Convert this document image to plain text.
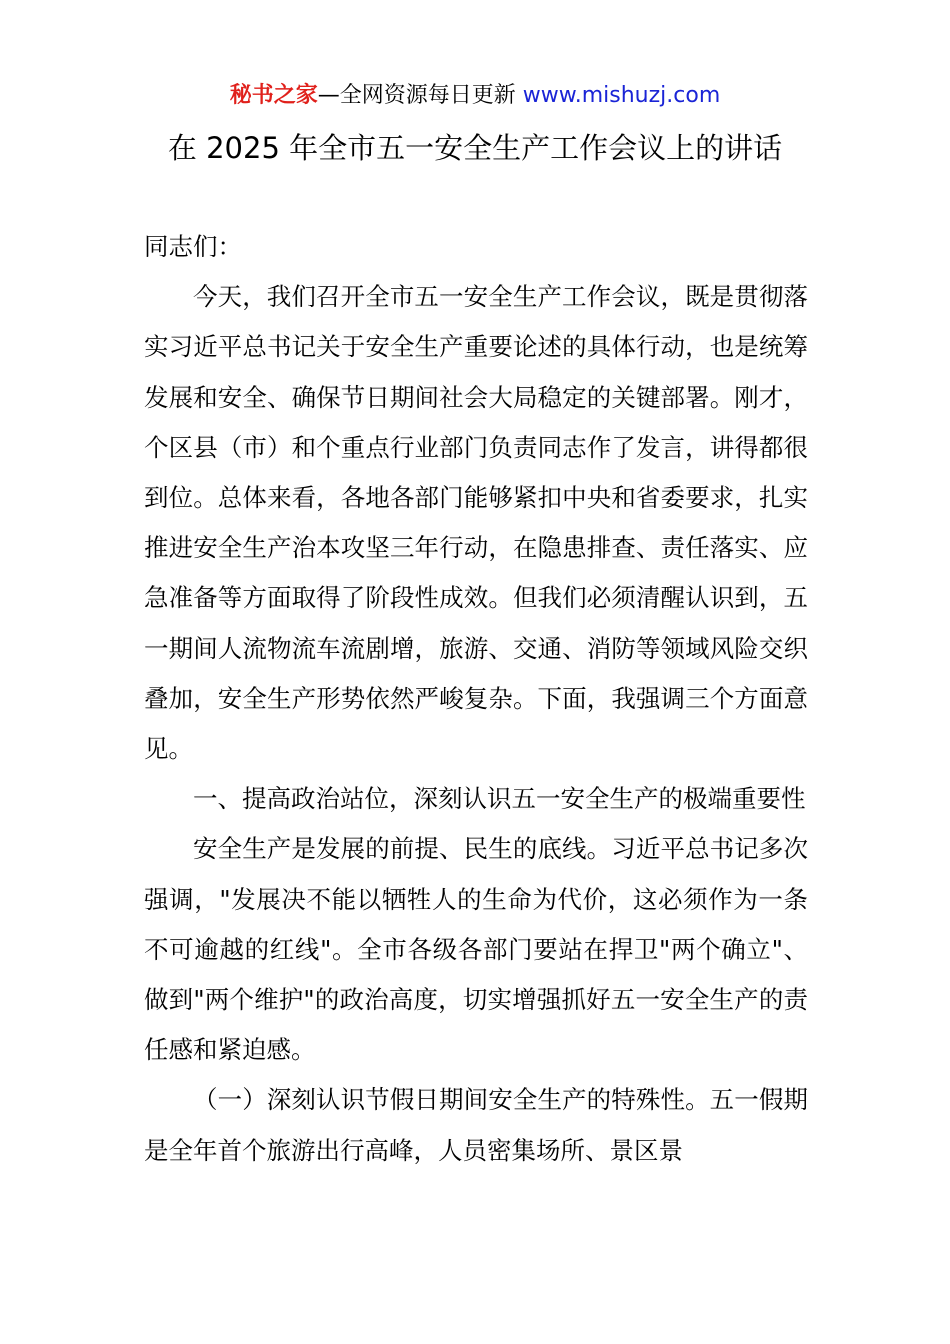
秘书之家—全网资源每日更新 www.mishuzj.com
在 2025 年全市五一安全生产工作会议上的讲话

同志们：

今天，我们召开全市五一安全生产工作会议，既是贯彻落实习近平总书记关于安全生产重要论述的具体行动，也是统筹发展和安全、确保节日期间社会大局稳定的关键部署。刚才，个区县（市）和个重点行业部门负责同志作了发言，讲得都很到位。总体来看，各地各部门能够紧扣中央和省委要求，扎实推进安全生产治本攻坚三年行动，在隐患排查、责任落实、应急准备等方面取得了阶段性成效。但我们必须清醒认识到，五一期间人流物流车流剧增，旅游、交通、消防等领域风险交织叠加，安全生产形势依然严峻复杂。下面，我强调三个方面意见。

一、提高政治站位，深刻认识五一安全生产的极端重要性

安全生产是发展的前提、民生的底线。习近平总书记多次强调，"发展决不能以牺牲人的生命为代价，这必须作为一条不可逾越的红线"。全市各级各部门要站在捍卫"两个确立"、做到"两个维护"的政治高度，切实增强抓好五一安全生产的责任感和紧迫感。

（一）深刻认识节假日期间安全生产的特殊性。五一假期是全年首个旅游出行高峰，人员密集场所、景区景
